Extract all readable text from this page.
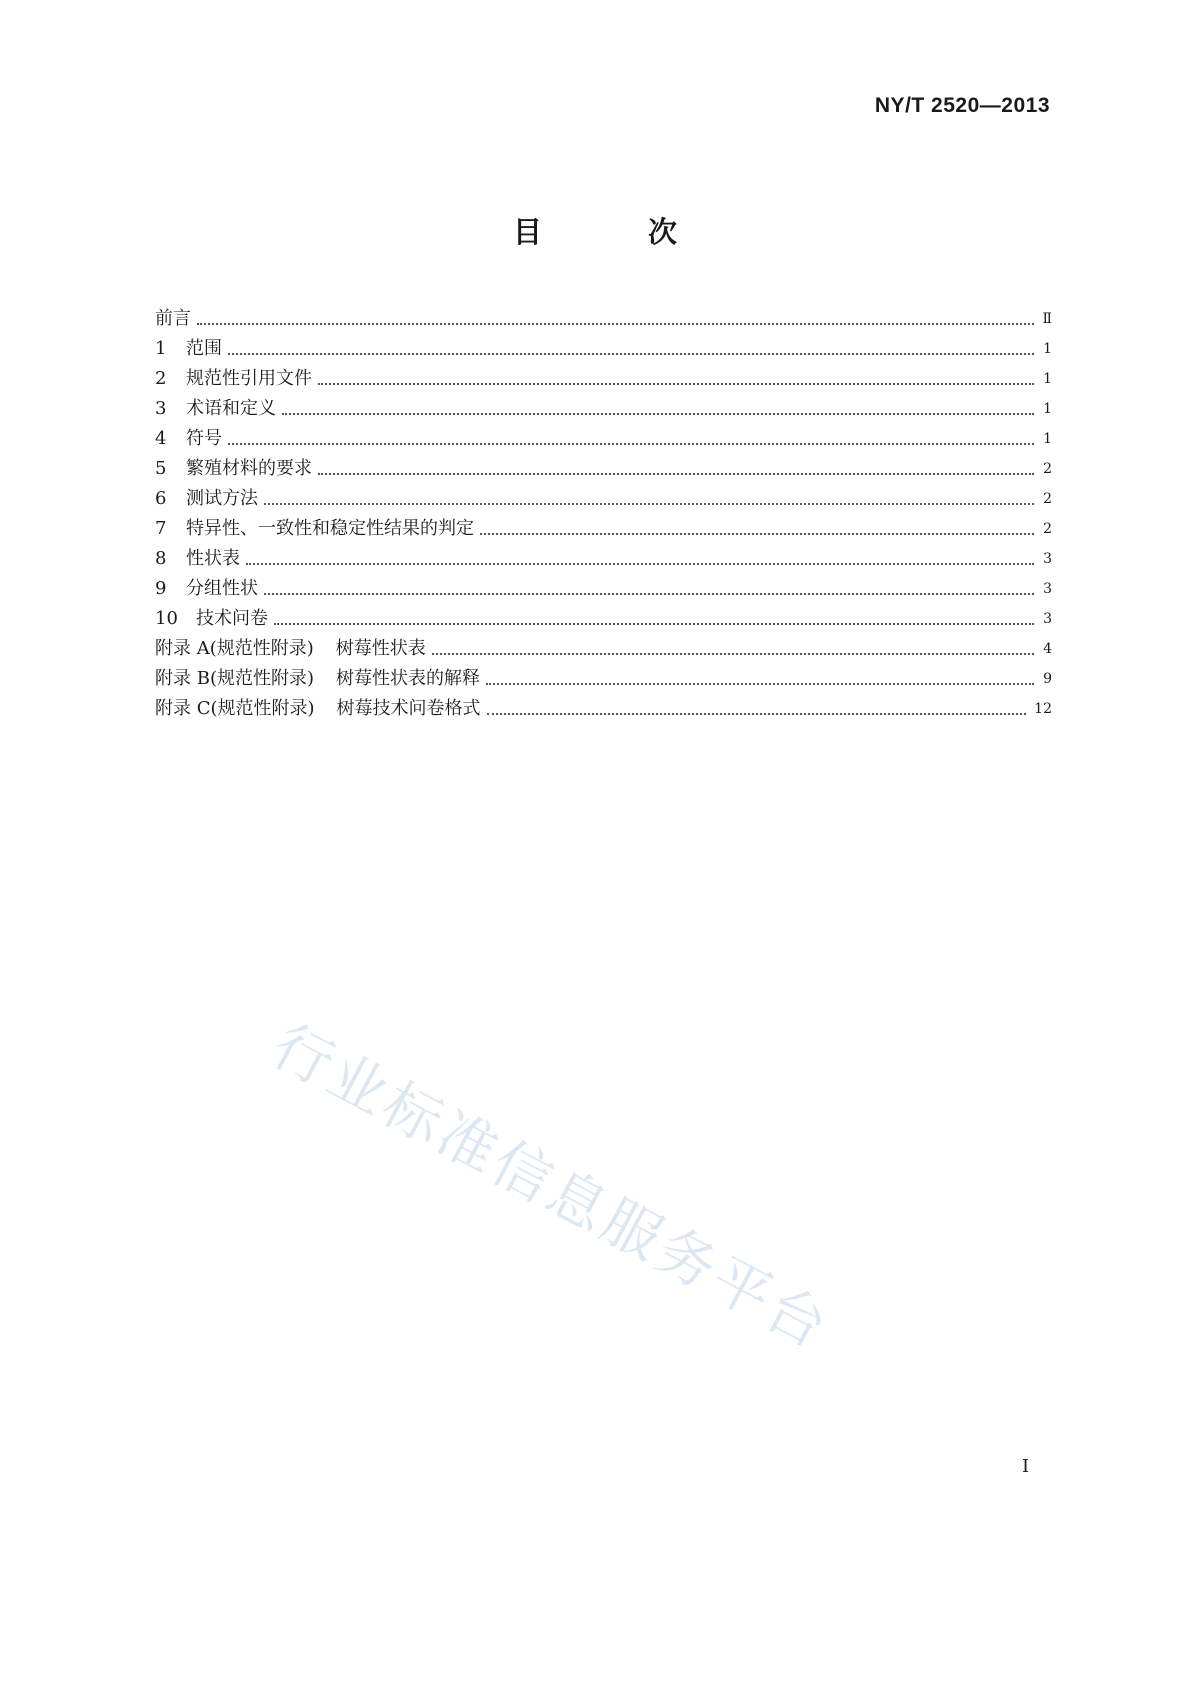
NY/T 2520—2013
目 次
前言	Ⅱ
1	范围	1
2	规范性引用文件	1
3	术语和定义	1
4	符号	1
5	繁殖材料的要求	2
6	测试方法	2
7	特异性、一致性和稳定性结果的判定	2
8	性状表	3
9	分组性状	3
10	技术问卷	3
附录 A(规范性附录) 树莓性状表	4
附录 B(规范性附录) 树莓性状表的解释	9
附录 C(规范性附录) 树莓技术问卷格式	12
行业标准信息服务平台
Ⅰ
